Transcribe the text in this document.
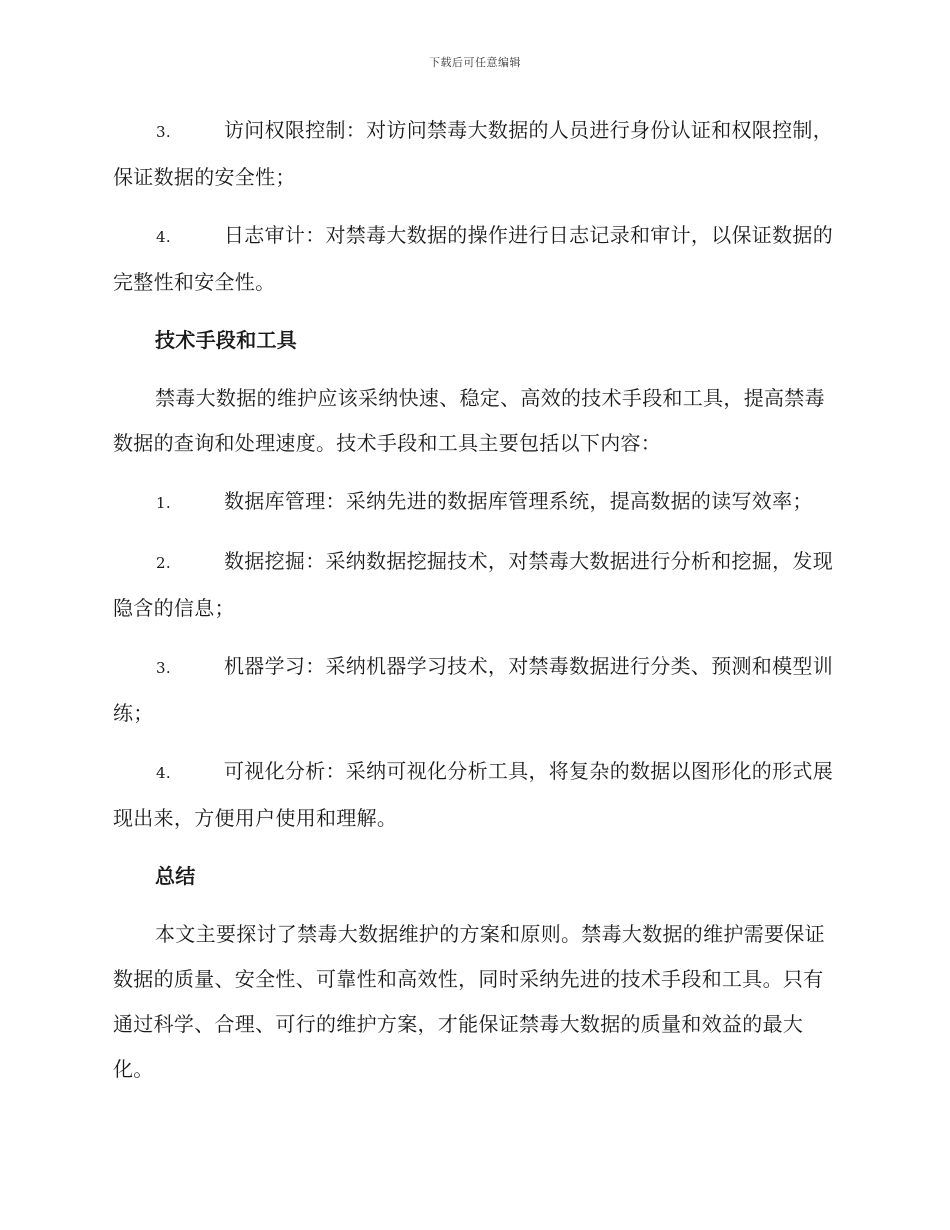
下载后可任意编辑
3.	访问权限控制：对访问禁毒大数据的人员进行身份认证和权限控制，保证数据的安全性；
4.	日志审计：对禁毒大数据的操作进行日志记录和审计，以保证数据的完整性和安全性。
技术手段和工具

禁毒大数据的维护应该采纳快速、稳定、高效的技术手段和工具，提高禁毒数据的查询和处理速度。技术手段和工具主要包括以下内容：

1.	数据库管理：采纳先进的数据库管理系统，提高数据的读写效率；
2.	数据挖掘：采纳数据挖掘技术，对禁毒大数据进行分析和挖掘，发现隐含的信息；
3.	机器学习：采纳机器学习技术，对禁毒数据进行分类、预测和模型训练；
4.	可视化分析：采纳可视化分析工具，将复杂的数据以图形化的形式展现出来，方便用户使用和理解。
总结

本文主要探讨了禁毒大数据维护的方案和原则。禁毒大数据的维护需要保证数据的质量、安全性、可靠性和高效性，同时采纳先进的技术手段和工具。只有通过科学、合理、可行的维护方案，才能保证禁毒大数据的质量和效益的最大化。
